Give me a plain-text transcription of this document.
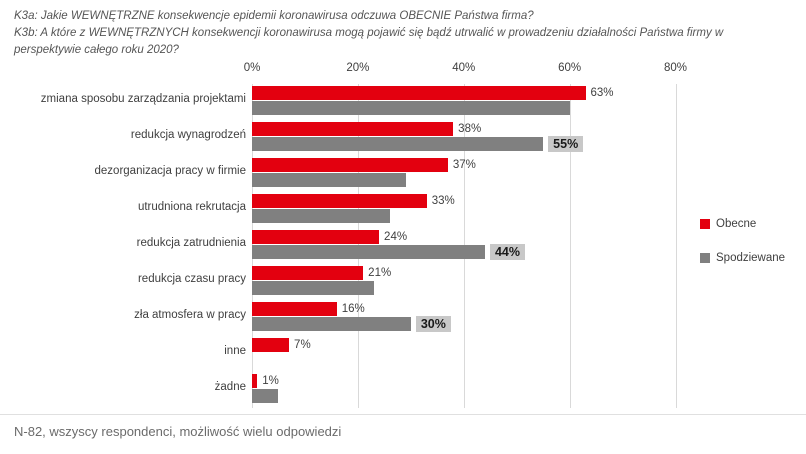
K3a: Jakie WEWNĘTRZNE konsekwencje epidemii koronawirusa odczuwa OBECNIE Państwa firma?
K3b: A które z WEWNĘTRZNYCH konsekwencji koronawirusa mogą pojawić się bądź utrwalić w prowadzeniu działalności Państwa firmy w
perspektywie całego roku 2020?
0%	20%	40%	60%	80%
zmiana sposobu zarządzania projektami
redukcja wynagrodzeń
dezorganizacja pracy w firmie
utrudniona rekrutacja
redukcja zatrudnienia
redukcja czasu pracy
zła atmosfera w pracy
inne
żadne
63%
38%
55%
37%
33%
24%
44%
21%
16%
30%
7%
1%
Obecne
Spodziewane
N-82, wszyscy respondenci, możliwość wielu odpowiedzi
